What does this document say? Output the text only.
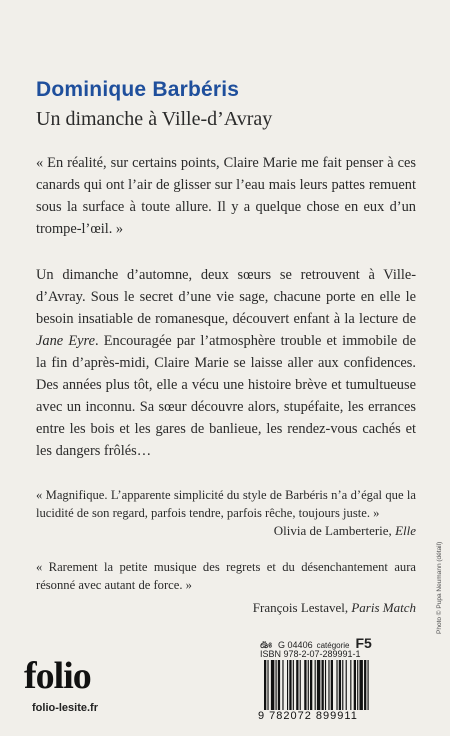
Dominique Barbéris
Un dimanche à Ville-d’Avray

« En réalité, sur certains points, Claire Marie me fait penser à ces canards qui ont l’air de glisser sur l’eau mais leurs pattes remuent sous la surface à toute allure. Il y a quelque chose en eux d’un trompe-l’œil. »

Un dimanche d’automne, deux sœurs se retrouvent à Ville-d’Avray. Sous le secret d’une vie sage, chacune porte en elle le besoin insatiable de romanesque, découvert enfant à la lecture de Jane Eyre. Encouragée par l’atmosphère trouble et immobile de la fin d’après-midi, Claire Marie se laisse aller aux confidences. Des années plus tôt, elle a vécu une histoire brève et tumultueuse avec un inconnu. Sa sœur découvre alors, stupéfaite, les errances entre les bois et les gares de banlieue, les rendez-vous cachés et les dangers frôlés…

« Magnifique. L’apparente simplicité du style de Barbéris n’a d’égal que la lucidité de son regard, parfois tendre, parfois rêche, toujours juste. »

Olivia de Lamberterie, Elle

« Rarement la petite musique des regrets et du désenchantement aura résonné avec autant de force. »

François Lestavel, Paris Match
folio
folio-lesite.fr
ఊ G 04406 catégorie F5
ISBN 978-2-07-289991-1
9 782072 899911
Photo © Pupa Neumann (détail)
